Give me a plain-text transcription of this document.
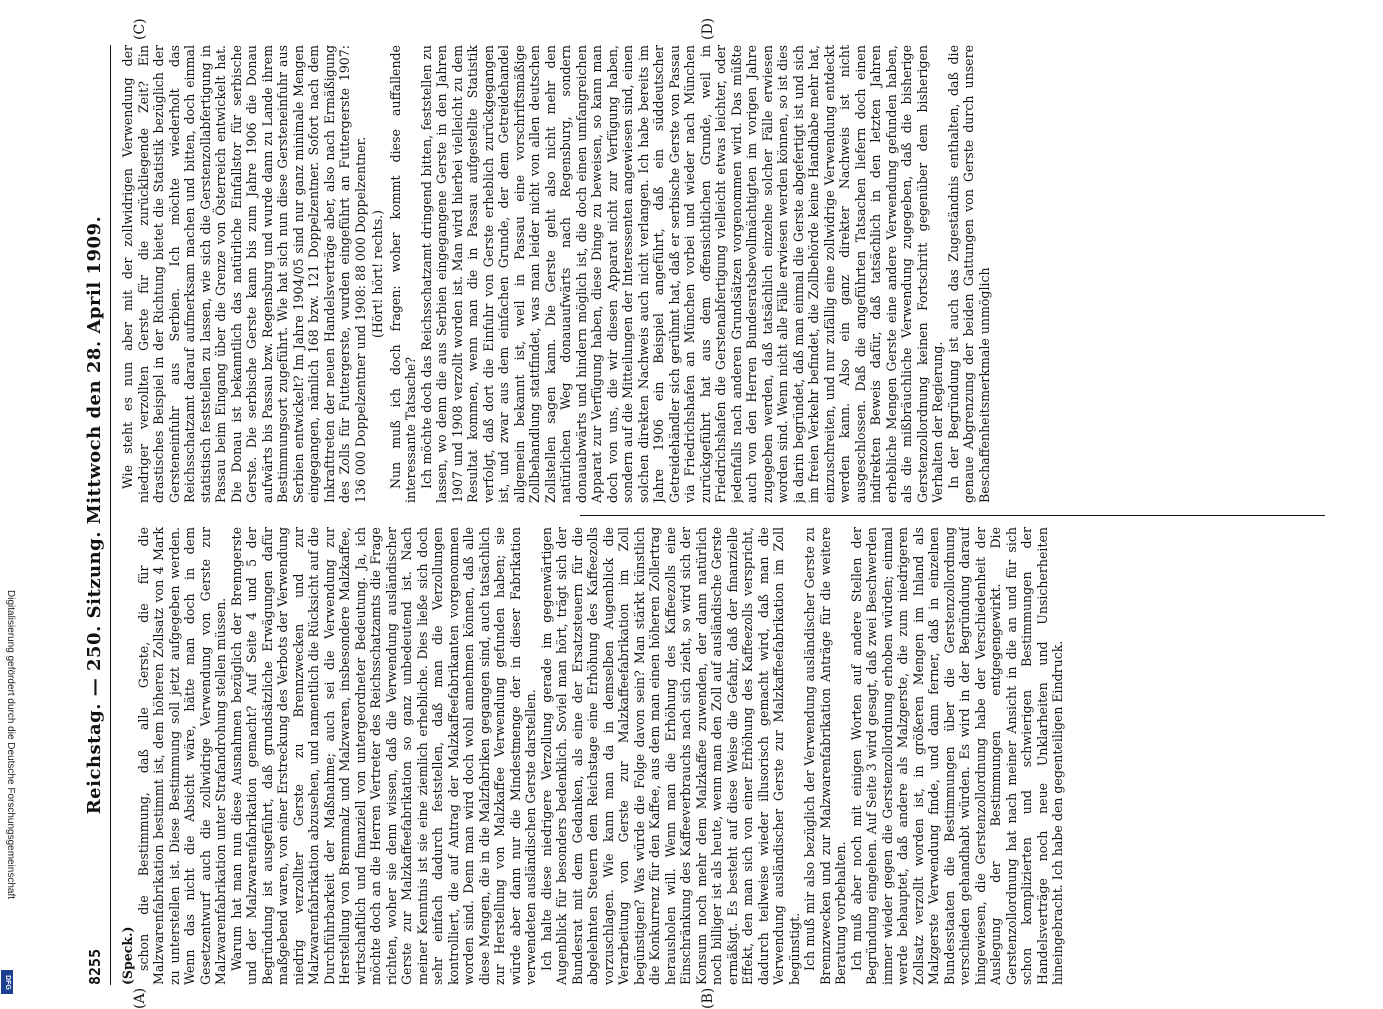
8255
Reichstag. — 250. Sitzung. Mittwoch den 28. April 1909.
(A)	(B)
(C)	(D)

(Speck.) schon die Bestimmung, daß alle Gerste, die für die Malzwarenfabrikation bestimmt ist, dem höheren Zollsatz von 4 Mark zu unterstellen ist. Diese Bestimmung soll jetzt aufgegeben werden. Wenn das nicht die Absicht wäre, hätte man doch in dem Gesetzentwurf auch die zollwidrige Verwendung von Gerste zur Malzwarenfabrikation unter Strafandrohung stellen müssen. Warum hat man nun diese Ausnahmen bezüglich der Brenngerste und der Malzwarenfabrikation gemacht? Auf Seite 4 und 5 der Begründung ist ausgeführt, daß grundsätzliche Erwägungen dafür maßgebend waren, von einer Erstreckung des Verbots der Verwendung niedrig verzollter Gerste zu Brennzwecken und zur Malzwarenfabrikation abzusehen, und namentlich die Rücksicht auf die Durchführbarkeit der Maßnahme; auch sei die Verwendung zur Herstellung von Brennmalz und Malzwaren, insbesondere Malzkaffee, wirtschaftlich und finanziell von untergeordneter Bedeutung. Ja, ich möchte doch an die Herren Vertreter des Reichsschatzamts die Frage richten, woher sie denn wissen, daß die Verwendung ausländischer Gerste zur Malzkaffeefabrikation so ganz unbedeutend ist. Nach meiner Kenntnis ist sie eine ziemlich erhebliche. Dies ließe sich doch sehr einfach dadurch feststellen, daß man die Verzollungen kontrolliert, die auf Antrag der Malzkaffeefabrikanten vorgenommen worden sind. Denn man wird doch wohl annehmen können, daß alle diese Mengen, die in die Malzfabriken gegangen sind, auch tatsächlich zur Herstellung von Malzkaffee Verwendung gefunden haben; sie würde aber dann nur die Mindestmenge der in dieser Fabrikation verwendeten ausländischen Gerste darstellen. Ich halte diese niedrigere Verzollung gerade im gegenwärtigen Augenblick für besonders bedenklich. Soviel man hört, trägt sich der Bundesrat mit dem Gedanken, als eine der Ersatzsteuern für die abgelehnten Steuern dem Reichstage eine Erhöhung des Kaffeezolls vorzuschlagen. Wie kann man da in demselben Augenblick die Verarbeitung von Gerste zur Malzkaffeefabrikation im Zoll begünstigen? Was würde die Folge davon sein? Man stärkt künstlich die Konkurrenz für den Kaffee, aus dem man einen höheren Zollertrag herausholen will. Wenn man die Erhöhung des Kaffeezolls eine Einschränkung des Kaffeeverbrauchs nach sich zieht, so wird sich der Konsum noch mehr dem Malzkaffee zuwenden, der dann natürlich noch billiger ist als heute, wenn man den Zoll auf ausländische Gerste ermäßigt. Es besteht auf diese Weise die Gefahr, daß der finanzielle Effekt, den man sich von einer Erhöhung des Kaffeezolls verspricht, dadurch teilweise wieder illusorisch gemacht wird, daß man die Verwendung ausländischer Gerste zur Malzkaffeefabrikation im Zoll begünstigt. Ich muß mir also bezüglich der Verwendung ausländischer Gerste zu Brennzwecken und zur Malzwarenfabrikation Anträge für die weitere Beratung vorbehalten. Ich muß aber noch mit einigen Worten auf andere Stellen der Begründung eingehen. Auf Seite 3 wird gesagt, daß zwei Beschwerden immer wieder gegen die Gerstenzollordnung erhoben würden; einmal werde behauptet, daß andere als Malzgerste, die zum niedrigeren Zollsatz verzollt worden ist, in größeren Mengen im Inland als Malzgerste Verwendung finde, und dann ferner, daß in einzelnen Bundesstaaten die Bestimmungen über die Gerstenzollordnung verschieden gehandhabt würden. Es wird in der Begründung darauf hingewiesen, die Gerstenzollordnung habe der Verschiedenheit der Auslegung der Bestimmungen entgegengewirkt. Die Gerstenzollordnung hat nach meiner Ansicht in die an und für sich schon komplizierten und schwierigen Bestimmungen der Handelsverträge noch neue Unklarheiten und Unsicherheiten hineingebracht. Ich habe den gegenteiligen Eindruck.

Wie steht es nun aber mit der zollwidrigen Verwendung der niedriger verzollten Gerste für die zurückliegende Zeit? Ein drastisches Beispiel in der Richtung bietet die Statistik bezüglich der Gersteneinfuhr aus Serbien. Ich möchte wiederholt das Reichsschatzamt darauf aufmerksam machen und bitten, doch einmal statistisch feststellen zu lassen, wie sich die Gerstenzollabfertigung in Passau beim Eingang über die Grenze von Österreich entwickelt hat. Die Donau ist bekanntlich das natürliche Einfallstor für serbische Gerste. Die serbische Gerste kann bis zum Jahre 1906 die Donau aufwärts bis Passau bzw. Regensburg und wurde dann zu Lande ihrem Bestimmungsort zugeführt. Wie hat sich nun diese Gersteneinfuhr aus Serbien entwickelt? Im Jahre 1904/05 sind nur ganz minimale Mengen eingegangen, nämlich 168 bzw. 121 Doppelzentner. Sofort nach dem Inkrafttreten der neuen Handelsverträge aber, also nach Ermäßigung des Zolls für Futtergerste, wurden eingeführt an Futtergerste 1907: 136 000 Doppelzentner und 1908: 88 000 Doppelzentner. (Hört! hört! rechts.) Nun muß ich doch fragen: woher kommt diese auffallende interessante Tatsache? Ich möchte doch das Reichsschatzamt dringend bitten, feststellen zu lassen, wo denn die aus Serbien eingegangene Gerste in den Jahren 1907 und 1908 verzollt worden ist. Man wird hierbei vielleicht zu dem Resultat kommen, wenn man die in Passau aufgestellte Statistik verfolgt, daß dort die Einfuhr von Gerste erheblich zurückgegangen ist, und zwar aus dem einfachen Grunde, der dem Getreidehandel allgemein bekannt ist, weil in Passau eine vorschriftsmäßige Zollbehandlung stattfindet, was man leider nicht von allen deutschen Zollstellen sagen kann. Die Gerste geht also nicht mehr den natürlichen Weg donauaufwärts nach Regensburg, sondern donauabwärts und hindern möglich ist, die doch einen umfangreichen Apparat zur Verfügung haben, diese Dinge zu beweisen, so kann man doch von uns, die wir diesen Apparat nicht zur Verfügung haben, sondern auf die Mitteilungen der Interessenten angewiesen sind, einen solchen direkten Nachweis auch nicht verlangen. Ich habe bereits im Jahre 1906 ein Beispiel angeführt, daß ein süddeutscher Getreidehändler sich gerühmt hat, daß er serbische Gerste von Passau via Friedrichshafen an München vorbei und wieder nach München zurückgeführt hat aus dem offensichtlichen Grunde, weil in Friedrichshafen die Gerstenabfertigung vielleicht etwas leichter, oder jedenfalls nach anderen Grundsätzen vorgenommen wird. Das müßte auch von den Herren Bundesratsbevollmächtigten im vorigen Jahre zugegeben werden, daß tatsächlich einzelne solcher Fälle erwiesen worden sind. Wenn nicht alle Fälle erwiesen werden können, so ist dies ja darin begründet, daß man einmal die Gerste abgefertigt ist und sich im freien Verkehr befindet, die Zollbehörde keine Handhabe mehr hat, einzuschreiten, und nur zufällig eine zollwidrige Verwendung entdeckt werden kann. Also ein ganz direkter Nachweis ist nicht ausgeschlossen. Daß die angeführten Tatsachen liefern doch einen indirekten Beweis dafür, daß tatsächlich in den letzten Jahren erhebliche Mengen Gerste eine andere Verwendung gefunden haben, als die mißbräuchliche Verwendung zugegeben, daß die bisherige Gerstenzollordnung keinen Fortschritt gegenüber dem bisherigen Verhalten der Regierung. In der Begründung ist auch das Zugeständnis enthalten, daß die genaue Abgrenzung der beiden Gattungen von Gerste durch unsere Beschaffenheitsmerkmale unmöglich

Digitalisierung gefördert durch die Deutsche Forschungsgemeinschaft
DFG
